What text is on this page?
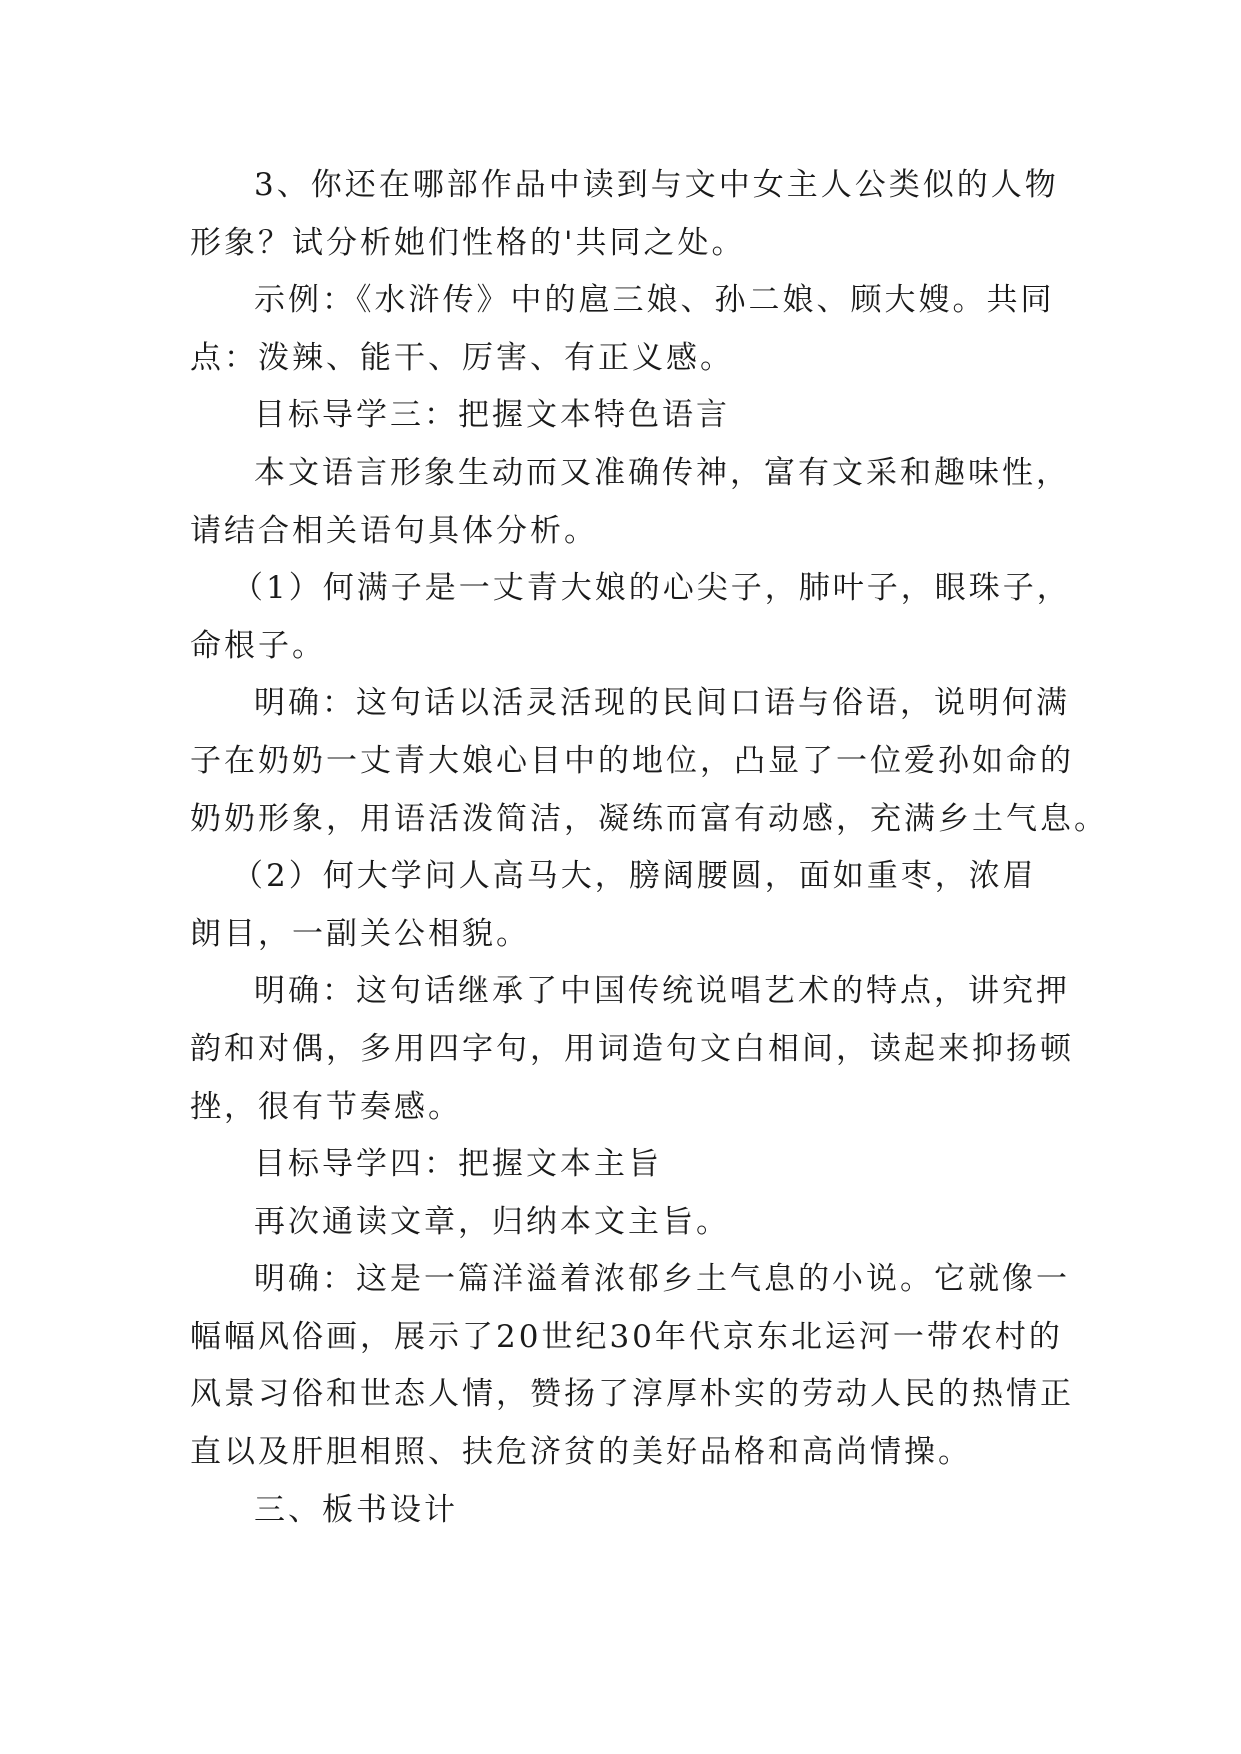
3、你还在哪部作品中读到与文中女主人公类似的人物
形象？试分析她们性格的'共同之处。
示例：《水浒传》中的扈三娘、孙二娘、顾大嫂。共同
点：泼辣、能干、厉害、有正义感。
目标导学三：把握文本特色语言
本文语言形象生动而又准确传神，富有文采和趣味性，
请结合相关语句具体分析。
（1）何满子是一丈青大娘的心尖子，肺叶子，眼珠子，
命根子。
明确：这句话以活灵活现的民间口语与俗语，说明何满
子在奶奶一丈青大娘心目中的地位，凸显了一位爱孙如命的
奶奶形象，用语活泼简洁，凝练而富有动感，充满乡土气息。
（2）何大学问人高马大，膀阔腰圆，面如重枣，浓眉
朗目，一副关公相貌。
明确：这句话继承了中国传统说唱艺术的特点，讲究押
韵和对偶，多用四字句，用词造句文白相间，读起来抑扬顿
挫，很有节奏感。
目标导学四：把握文本主旨
再次通读文章，归纳本文主旨。
明确：这是一篇洋溢着浓郁乡土气息的小说。它就像一
幅幅风俗画，展示了20世纪30年代京东北运河一带农村的
风景习俗和世态人情，赞扬了淳厚朴实的劳动人民的热情正
直以及肝胆相照、扶危济贫的美好品格和高尚情操。
三、板书设计
